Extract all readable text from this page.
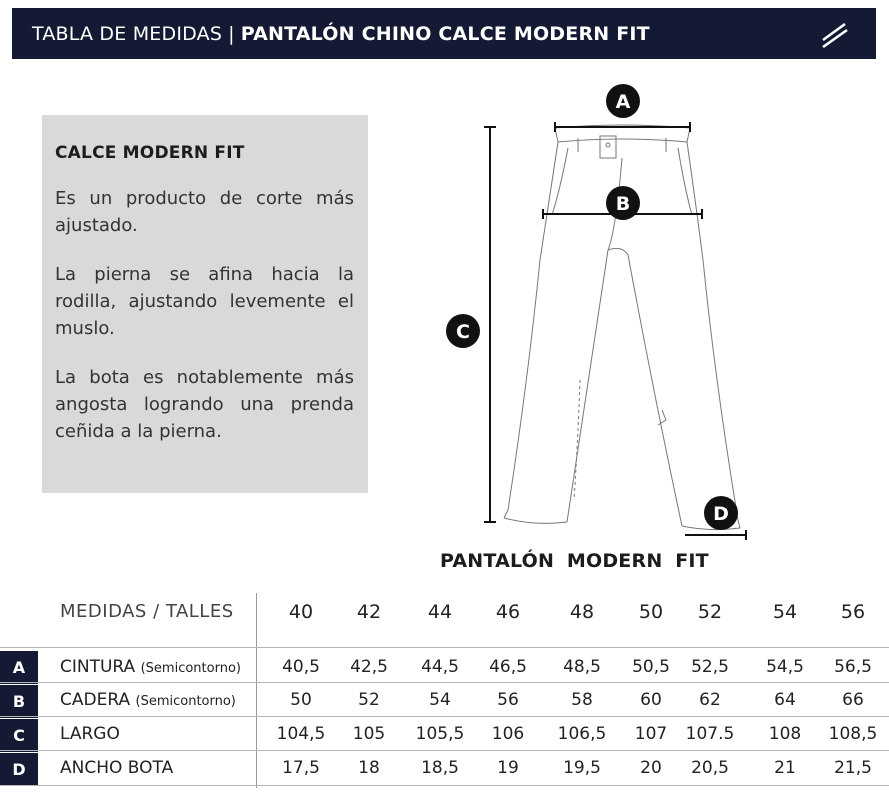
TABLA DE MEDIDAS | PANTALÓN CHINO CALCE MODERN FIT
CALCE MODERN FIT

Es un producto de corte más ajustado.

La pierna se afina hacia la rodilla, ajustando levemente el muslo.

La bota es notablemente más angosta logrando una prenda ceñida a la pierna.

A
B
C
D
PANTALÓN MODERN FIT
MEDIDAS / TALLES	40	42	44	46	48	50	52	54	56
A	CINTURA (Semicontorno)	40,5	42,5	44,5	46,5	48,5	50,5	52,5	54,5	56,5
B	CADERA (Semicontorno)	50	52	54	56	58	60	62	64	66
C	LARGO	104,5	105	105,5	106	106,5	107	107.5	108	108,5
D	ANCHO BOTA	17,5	18	18,5	19	19,5	20	20,5	21	21,5
